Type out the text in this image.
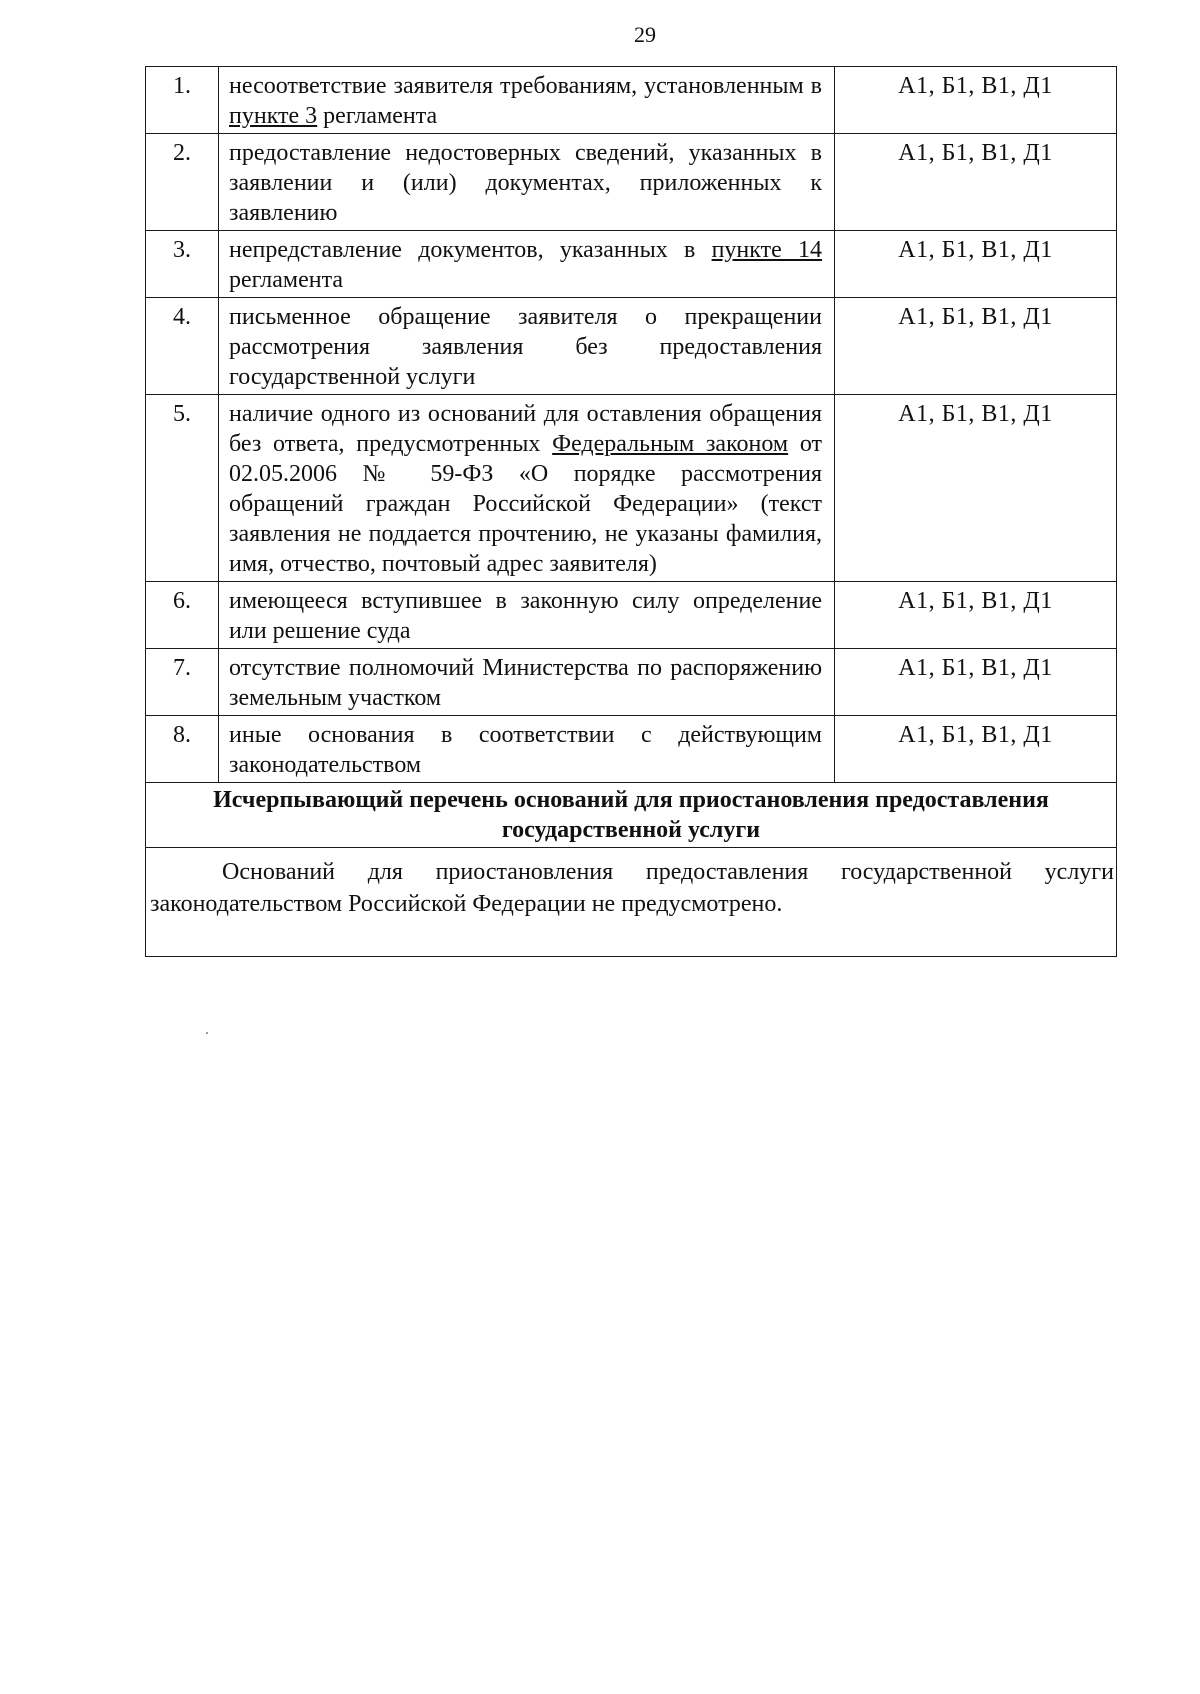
29
1.	несоответствие заявителя требованиям, установленным в пункте 3 регламента	А1, Б1, В1, Д1
2.	предоставление недостоверных сведений, указанных в заявлении и (или) документах, приложенных к заявлению	А1, Б1, В1, Д1
3.	непредставление документов, указанных в пункте 14 регламента	А1, Б1, В1, Д1
4.	письменное обращение заявителя о прекращении рассмотрения заявления без предоставления государственной услуги	А1, Б1, В1, Д1
5.	наличие одного из оснований для оставления обращения без ответа, предусмотренных Федеральным законом от 02.05.2006 № 59-ФЗ «О порядке рассмотрения обращений граждан Российской Федерации» (текст заявления не поддается прочтению, не указаны фамилия, имя, отчество, почтовый адрес заявителя)	А1, Б1, В1, Д1
6.	имеющееся вступившее в законную силу определение или решение суда	А1, Б1, В1, Д1
7.	отсутствие полномочий Министерства по распоряжению земельным участком	А1, Б1, В1, Д1
8.	иные основания в соответствии с действующим законодательством	А1, Б1, В1, Д1
Исчерпывающий перечень оснований для приостановления предоставления государственной услуги		
Оснований для приостановления предоставления государственной услуги законодательством Российской Федерации не предусмотрено.		
